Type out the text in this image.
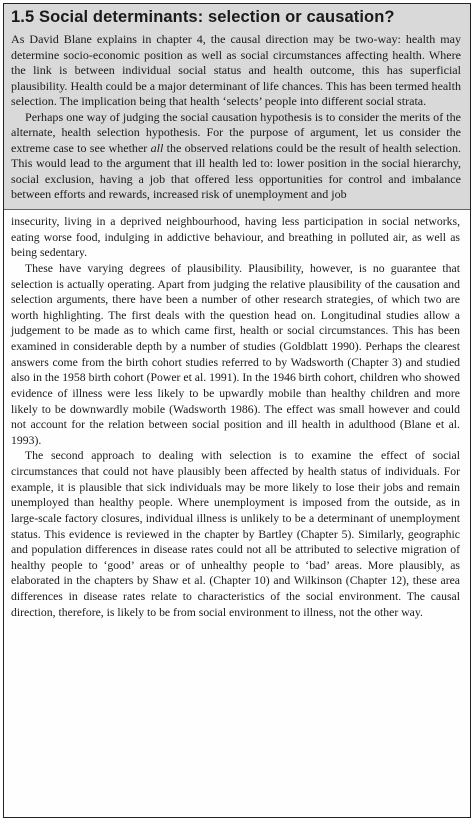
1.5 Social determinants: selection or causation?

As David Blane explains in chapter 4, the causal direction may be two-way: health may determine socio-economic position as well as social circumstances affecting health. Where the link is between individual social status and health outcome, this has superficial plausibility. Health could be a major determinant of life chances. This has been termed health selection. The implication being that health ‘selects’ people into different social strata.

Perhaps one way of judging the social causation hypothesis is to consider the merits of the alternate, health selection hypothesis. For the purpose of argument, let us consider the extreme case to see whether all the observed relations could be the result of health selection. This would lead to the argument that ill health led to: lower position in the social hierarchy, social exclusion, having a job that offered less opportunities for control and imbalance between efforts and rewards, increased risk of unemployment and job

insecurity, living in a deprived neighbourhood, having less participation in social networks, eating worse food, indulging in addictive behaviour, and breathing in polluted air, as well as being sedentary.

These have varying degrees of plausibility. Plausibility, however, is no guarantee that selection is actually operating. Apart from judging the relative plausibility of the causation and selection arguments, there have been a number of other research strategies, of which two are worth highlighting. The first deals with the question head on. Longitudinal studies allow a judgement to be made as to which came first, health or social circumstances. This has been examined in considerable depth by a number of studies (Goldblatt 1990). Perhaps the clearest answers come from the birth cohort studies referred to by Wadsworth (Chapter 3) and studied also in the 1958 birth cohort (Power et al. 1991). In the 1946 birth cohort, children who showed evidence of illness were less likely to be upwardly mobile than healthy children and more likely to be downwardly mobile (Wadsworth 1986). The effect was small however and could not account for the relation between social position and ill health in adulthood (Blane et al. 1993).

The second approach to dealing with selection is to examine the effect of social circumstances that could not have plausibly been affected by health status of individuals. For example, it is plausible that sick individuals may be more likely to lose their jobs and remain unemployed than healthy people. Where unemployment is imposed from the outside, as in large-scale factory closures, individual illness is unlikely to be a determinant of unemployment status. This evidence is reviewed in the chapter by Bartley (Chapter 5). Similarly, geographic and population differences in disease rates could not all be attributed to selective migration of healthy people to ‘good’ areas or of unhealthy people to ‘bad’ areas. More plausibly, as elaborated in the chapters by Shaw et al. (Chapter 10) and Wilkinson (Chapter 12), these area differences in disease rates relate to characteristics of the social environment. The causal direction, therefore, is likely to be from social environment to illness, not the other way.
